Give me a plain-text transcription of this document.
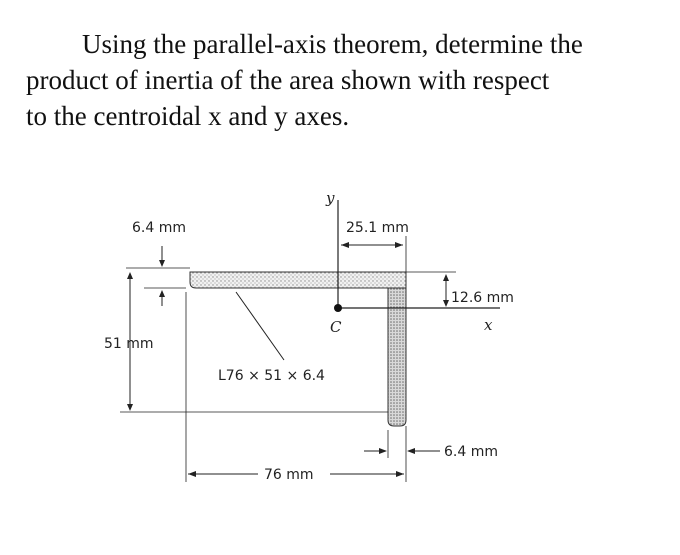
Using the parallel-axis theorem, determine the
product of inertia of the area shown with respect
to the centroidal x and y axes.
y
x
C
25.1 mm
12.6 mm
6.4 mm
51 mm
L76 × 51 × 6.4
76 mm
6.4 mm
